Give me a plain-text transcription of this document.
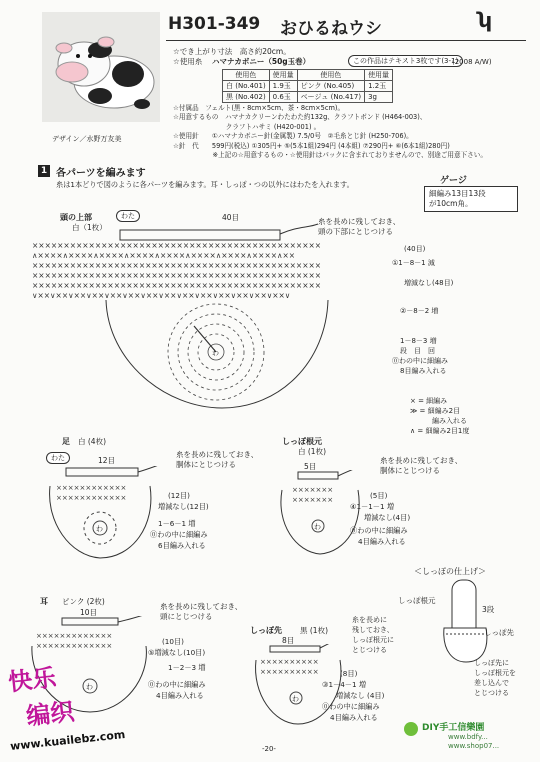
H301-349 おひるねウシ	ʮ
デザイン／水野万友美
☆でき上がり寸法　高さ約20cm。
☆使用糸 ハマナカボニー（50g玉巻）	この作品はテキスト3枚です(3-1)
(2008 A/W)
使用色	使用量	使用色	使用量
白 (No.401)	1.9玉	ピンク (No.405)	1.2玉
黒 (No.402)	0.6玉	ベージュ (No.417)	3g
☆付属品　フェルト(黒・8cm×5cm、茶・8cm×5cm)。
☆用意するもの　ハマナカクリーンわたわた約132g、クラフトボンド (H464-003)、
　　　　　　　　クラフトハサミ (H420-001) 。
☆使用針　　①ハマナカボニー針(金属製) 7.5/0号　②毛糸とじ針 (H250-706)。
☆針　代　　599円(税込) ①305円+ ⑤(5本1組)294円 (4本組) ⑦290円+ ⑥(6本1組)280円)
　　　　　　※上記の☆用意するもの・☆使用針はパックに含まれておりませんので、別途ご用意下さい。
1 各パーツを編みます
糸は1本どりで図のように各パーツを編みます。耳・しっぽ・つの以外にはわたを入れます。	ゲージ
細編み13目13段
が10cm角。
頭の上部
白（1枚）
わた	40目	糸を長めに残しておき、
頭の下部にとじつける
××××××××××××××××××××××××××××××××××××××××××××××
∧××××∧××××∧××××∧××××∧××××∧××××∧××××∧××××∧××
××××××××××××××××××××××××××××××××××××××××××××××
××××××××××××××××××××××××××××××××××××××××××××××
××××××××××××××××××××××××××××××××××××××××××××××
∨××∨××∨××∨××∨××∨××∨××∨××∨××∨××∨××∨××∨××∨××∨
わ
(40目)
①1－8－1 減
増減なし(48目)
②－8－2 増
1－8－3 増
段　目　回
⓪わの中に細編み
8目編み入れる
× = 細編み
≫ = 細編み2目
編み入れる
∧ = 細編み2目1度
足 白 (4枚)
わた	12目
糸を長めに残しておき、
胴体にとじつける
××××××××××××
××××××××××××
わ
(12目)
増減なし(12目)
1－6－1 増
⓪わの中に細編み
6目編み入れる
しっぽ根元
白 (1枚)
5目
糸を長めに残しておき、
胴体にとじつける
×××××××
×××××××
わ
(5目)
④1－1－1 増
増減なし(4目)
⓪わの中に細編み
4目編み入れる
耳 ピンク (2枚)
10目
糸を長めに残しておき、
頭にとじつける
×××××××××××××
×××××××××××××
わ
(10目)
⑤増減なし(10目)
1－2－3 増
⓪わの中に細編み
4目編み入れる
しっぽ先 黒 (1枚)
8目
糸を長めに
残しておき、
しっぽ根元に
とじつける
××××××××××
××××××××××
わ
(8目)
③1－4－1 増
増減なし (4目)
⓪わの中に細編み
4目編み入れる
＜しっぽの仕上げ＞
しっぽ根元
3段
しっぽ先
しっぽ先に
しっぽ根元を
差し込んで
とじつける
快乐
编织
www.kuailebz.com	-20-
DIY手工信樂園
www.bdfy...
www.shop07...
